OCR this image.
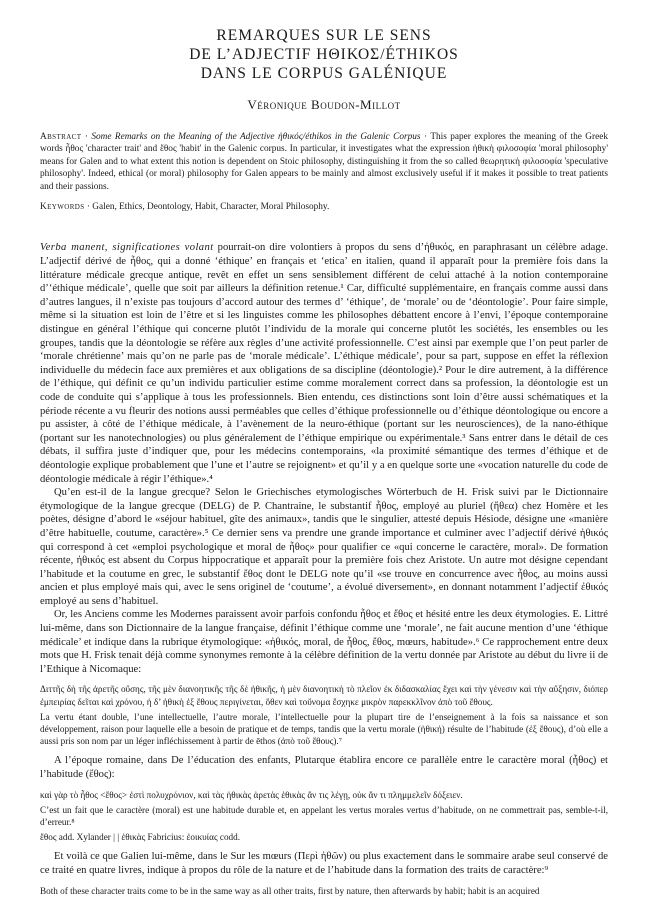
REMARQUES SUR LE SENS
DE L’ADJECTIF ΗΘΙΚΟΣ/ÉTHIKOS
DANS LE CORPUS GALÉNIQUE
Véronique Boudon-Millot
Abstract · Some Remarks on the Meaning of the Adjective ἠθικός/éthikos in the Galenic Corpus · This paper explores the meaning of the Greek words ἦθος 'character trait' and ἔθος 'habit' in the Galenic corpus. In particular, it investigates what the expression ἠθικὴ φιλοσοφία 'moral philosophy' means for Galen and to what extent this notion is dependent on Stoic philosophy, distinguishing it from the so called θεωρητικὴ φιλοσοφία 'speculative philosophy'. Indeed, ethical (or moral) philosophy for Galen appears to be mainly and almost exclusively useful if it makes it possible to treat patients and their passions.
Keywords · Galen, Ethics, Deontology, Habit, Character, Moral Philosophy.

Verba manent, significationes volant pourrait-on dire volontiers à propos du sens d’ἠθικός, en paraphrasant un célèbre adage. L’adjectif dérivé de ἦθος, qui a donné ‘éthique’ en français et ‘etica’ en italien, quand il apparaît pour la première fois dans la littérature médicale grecque antique, revêt en effet un sens sensiblement différent de celui attaché à la notion contemporaine d’‘éthique médicale’, quelle que soit par ailleurs la définition retenue.¹ Car, difficulté supplémentaire, en français comme aussi dans d’autres langues, il n’existe pas toujours d’accord autour des termes d’ ‘éthique’, de ‘morale’ ou de ‘déontologie’. Pour faire simple, même si la situation est loin de l’être et si les linguistes comme les philosophes débattent encore à l’envi, l’époque contemporaine distingue en général l’éthique qui concerne plutôt l’individu de la morale qui concerne plutôt les sociétés, les ensembles ou les groupes, tandis que la déontologie se réfère aux règles d’une activité professionnelle. C’est ainsi par exemple que l’on peut parler de ‘morale chrétienne’ mais qu’on ne parle pas de ‘morale médicale’. L’éthique médicale’, pour sa part, suppose en effet la réflexion individuelle du médecin face aux premières et aux obligations de sa discipline (déontologie).² Pour le dire autrement, à la différence de l’éthique, qui définit ce qu’un individu particulier estime comme moralement correct dans sa profession, la déontologie est un code de conduite qui s’applique à tous les professionnels. Bien entendu, ces distinctions sont loin d’être aussi schématiques et la période récente a vu fleurir des notions aussi perméables que celles d’éthique professionnelle ou d’éthique déontologique ou encore a pu assister, à côté de l’éthique médicale, à l’avènement de la neuro-éthique (portant sur les neurosciences), de la nano-éthique (portant sur les nanotechnologies) ou plus généralement de l’éthique empirique ou expérimentale.³ Sans entrer dans le détail de ces débats, il suffira juste d’indiquer que, pour les médecins contemporains, «la proximité sémantique des termes d’éthique et de déontologie explique probablement que l’une et l’autre se rejoignent» et qu’il y a en quelque sorte une «vocation naturelle du code de déontologie médicale à régir l’éthique».⁴

Qu’en est-il de la langue grecque? Selon le Griechisches etymologisches Wörterbuch de H. Frisk suivi par le Dictionnaire étymologique de la langue grecque (DELG) de P. Chantraine, le substantif ἦθος, employé au pluriel (ἤθεα) chez Homère et les poètes, désigne d’abord le «séjour habituel, gîte des animaux», tandis que le singulier, attesté depuis Hésiode, désigne une «manière d’être habituelle, coutume, caractère».⁵ Ce dernier sens va prendre une grande importance et culminer avec l’adjectif dérivé ἠθικός qui correspond à cet «emploi psychologique et moral de ἦθος» pour qualifier ce «qui concerne le caractère, moral». De formation récente, ἠθικός est absent du Corpus hippocratique et apparaît pour la première fois chez Aristote. Un autre mot désigne cependant l’habitude et la coutume en grec, le substantif ἔθος dont le DELG note qu’il «se trouve en concurrence avec ἦθος, au moins aussi ancien et plus employé mais qui, avec le sens originel de ‘coutume’, a évolué diversement», en donnant notamment l’adjectif ἐθικός employé au sens d’habituel.

Or, les Anciens comme les Modernes paraissent avoir parfois confondu ἦθος et ἔθος et hésité entre les deux étymologies. E. Littré lui-même, dans son Dictionnaire de la langue française, définit l’éthique comme une ‘morale’, ne fait aucune mention d’une ‘éthique médicale’ et indique dans la rubrique étymologique: «ἠθικός, moral, de ἦθος, ἔθος, mœurs, habitude».⁶ Ce rapprochement entre deux mots que H. Frisk tenait déjà comme synonymes remonte à la célèbre définition de la vertu donnée par Aristote au début du livre ii de l’Ethique à Nicomaque:

Διττῆς δὴ τῆς ἀρετῆς οὔσης, τῆς μὲν διανοητικῆς τῆς δὲ ἠθικῆς, ἡ μὲν διανοητικὴ τὸ πλεῖον ἐκ διδασκαλίας ἔχει καὶ τὴν γένεσιν καὶ τὴν αὔξησιν, διόπερ ἐμπειρίας δεῖται καὶ χρόνου, ἡ δ’ ἠθικὴ ἐξ ἔθους περιγίνεται, ὅθεν καὶ τοὔνομα ἔσχηκε μικρὸν παρεκκλῖνον ἀπὸ τοῦ ἔθους.

La vertu étant double, l’une intellectuelle, l’autre morale, l’intellectuelle pour la plupart tire de l’enseignement à la fois sa naissance et son développement, raison pour laquelle elle a besoin de pratique et de temps, tandis que la vertu morale (ἠθική) résulte de l’habitude (ἐξ ἔθους), d’où elle a aussi pris son nom par un léger infléchissement à partir de ēthos (ἀπὸ τοῦ ἔθους).⁷

A l’époque romaine, dans De l’éducation des enfants, Plutarque établira encore ce parallèle entre le caractère moral (ἦθος) et l’habitude (ἔθος):

καὶ γὰρ τὸ ἦθος <ἔθος> ἐστὶ πολυχρόνιον, καὶ τὰς ἠθικὰς ἀρετὰς ἐθικὰς ἄν τις λέγῃ, οὐκ ἄν τι πλημμελεῖν δόξειεν.

C’est un fait que le caractère (moral) est une habitude durable et, en appelant les vertus morales vertus d’habitude, on ne commettrait pas, semble-t-il, d’erreur.⁸

ἔθος add. Xylander | | ἐθικὰς Fabricius: ἐοικυίας codd.

Et voilà ce que Galien lui-même, dans le Sur les mœurs (Περὶ ἠθῶν) ou plus exactement dans le sommaire arabe seul conservé de ce traité en quatre livres, indique à propos du rôle de la nature et de l’habitude dans la formation des traits de caractère:⁹

Both of these character traits come to be in the same way as all other traits, first by nature, then afterwards by habit; habit is an acquired
